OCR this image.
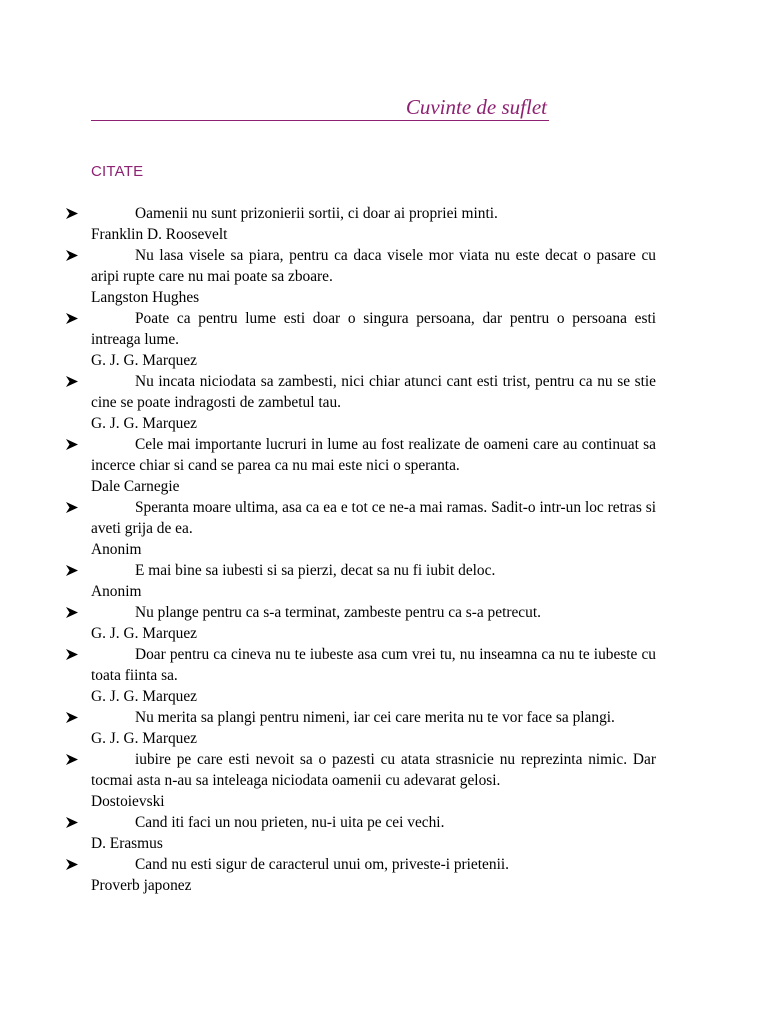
Cuvinte de suflet
CITATE
Oamenii nu sunt prizonierii sortii, ci doar ai propriei minti.
Franklin D. Roosevelt
Nu lasa visele sa piara, pentru ca daca visele mor viata nu este decat o pasare cu aripi rupte care nu mai poate sa zboare.
Langston Hughes
Poate ca pentru lume esti doar o singura persoana, dar pentru o persoana esti intreaga lume.
G. J. G. Marquez
Nu incata niciodata sa zambesti, nici chiar atunci cant esti trist, pentru ca nu se stie cine se poate indragosti de zambetul tau.
G. J. G. Marquez
Cele mai importante lucruri in lume au fost realizate de oameni care au continuat sa incerce chiar si cand se parea ca nu mai este nici o speranta.
Dale Carnegie
Speranta moare ultima, asa ca ea e tot ce ne-a mai ramas. Sadit-o intr-un loc retras si aveti grija de ea.
Anonim
E mai bine sa iubesti si sa pierzi, decat sa nu fi iubit deloc.
Anonim
Nu plange pentru ca s-a terminat, zambeste pentru ca s-a petrecut.
G. J. G. Marquez
Doar pentru ca cineva nu te iubeste asa cum vrei tu, nu inseamna ca nu te iubeste cu toata fiinta sa.
G. J. G. Marquez
Nu merita sa plangi pentru nimeni, iar cei care merita nu te vor face sa plangi.
G. J. G. Marquez
iubire pe care esti nevoit sa o pazesti cu atata strasnicie nu reprezinta nimic. Dar tocmai asta n-au sa inteleaga niciodata oamenii cu adevarat gelosi.
Dostoievski
Cand iti faci un nou prieten, nu-i uita pe cei vechi.
D. Erasmus
Cand nu esti sigur de caracterul unui om, priveste-i prietenii.
Proverb japonez
